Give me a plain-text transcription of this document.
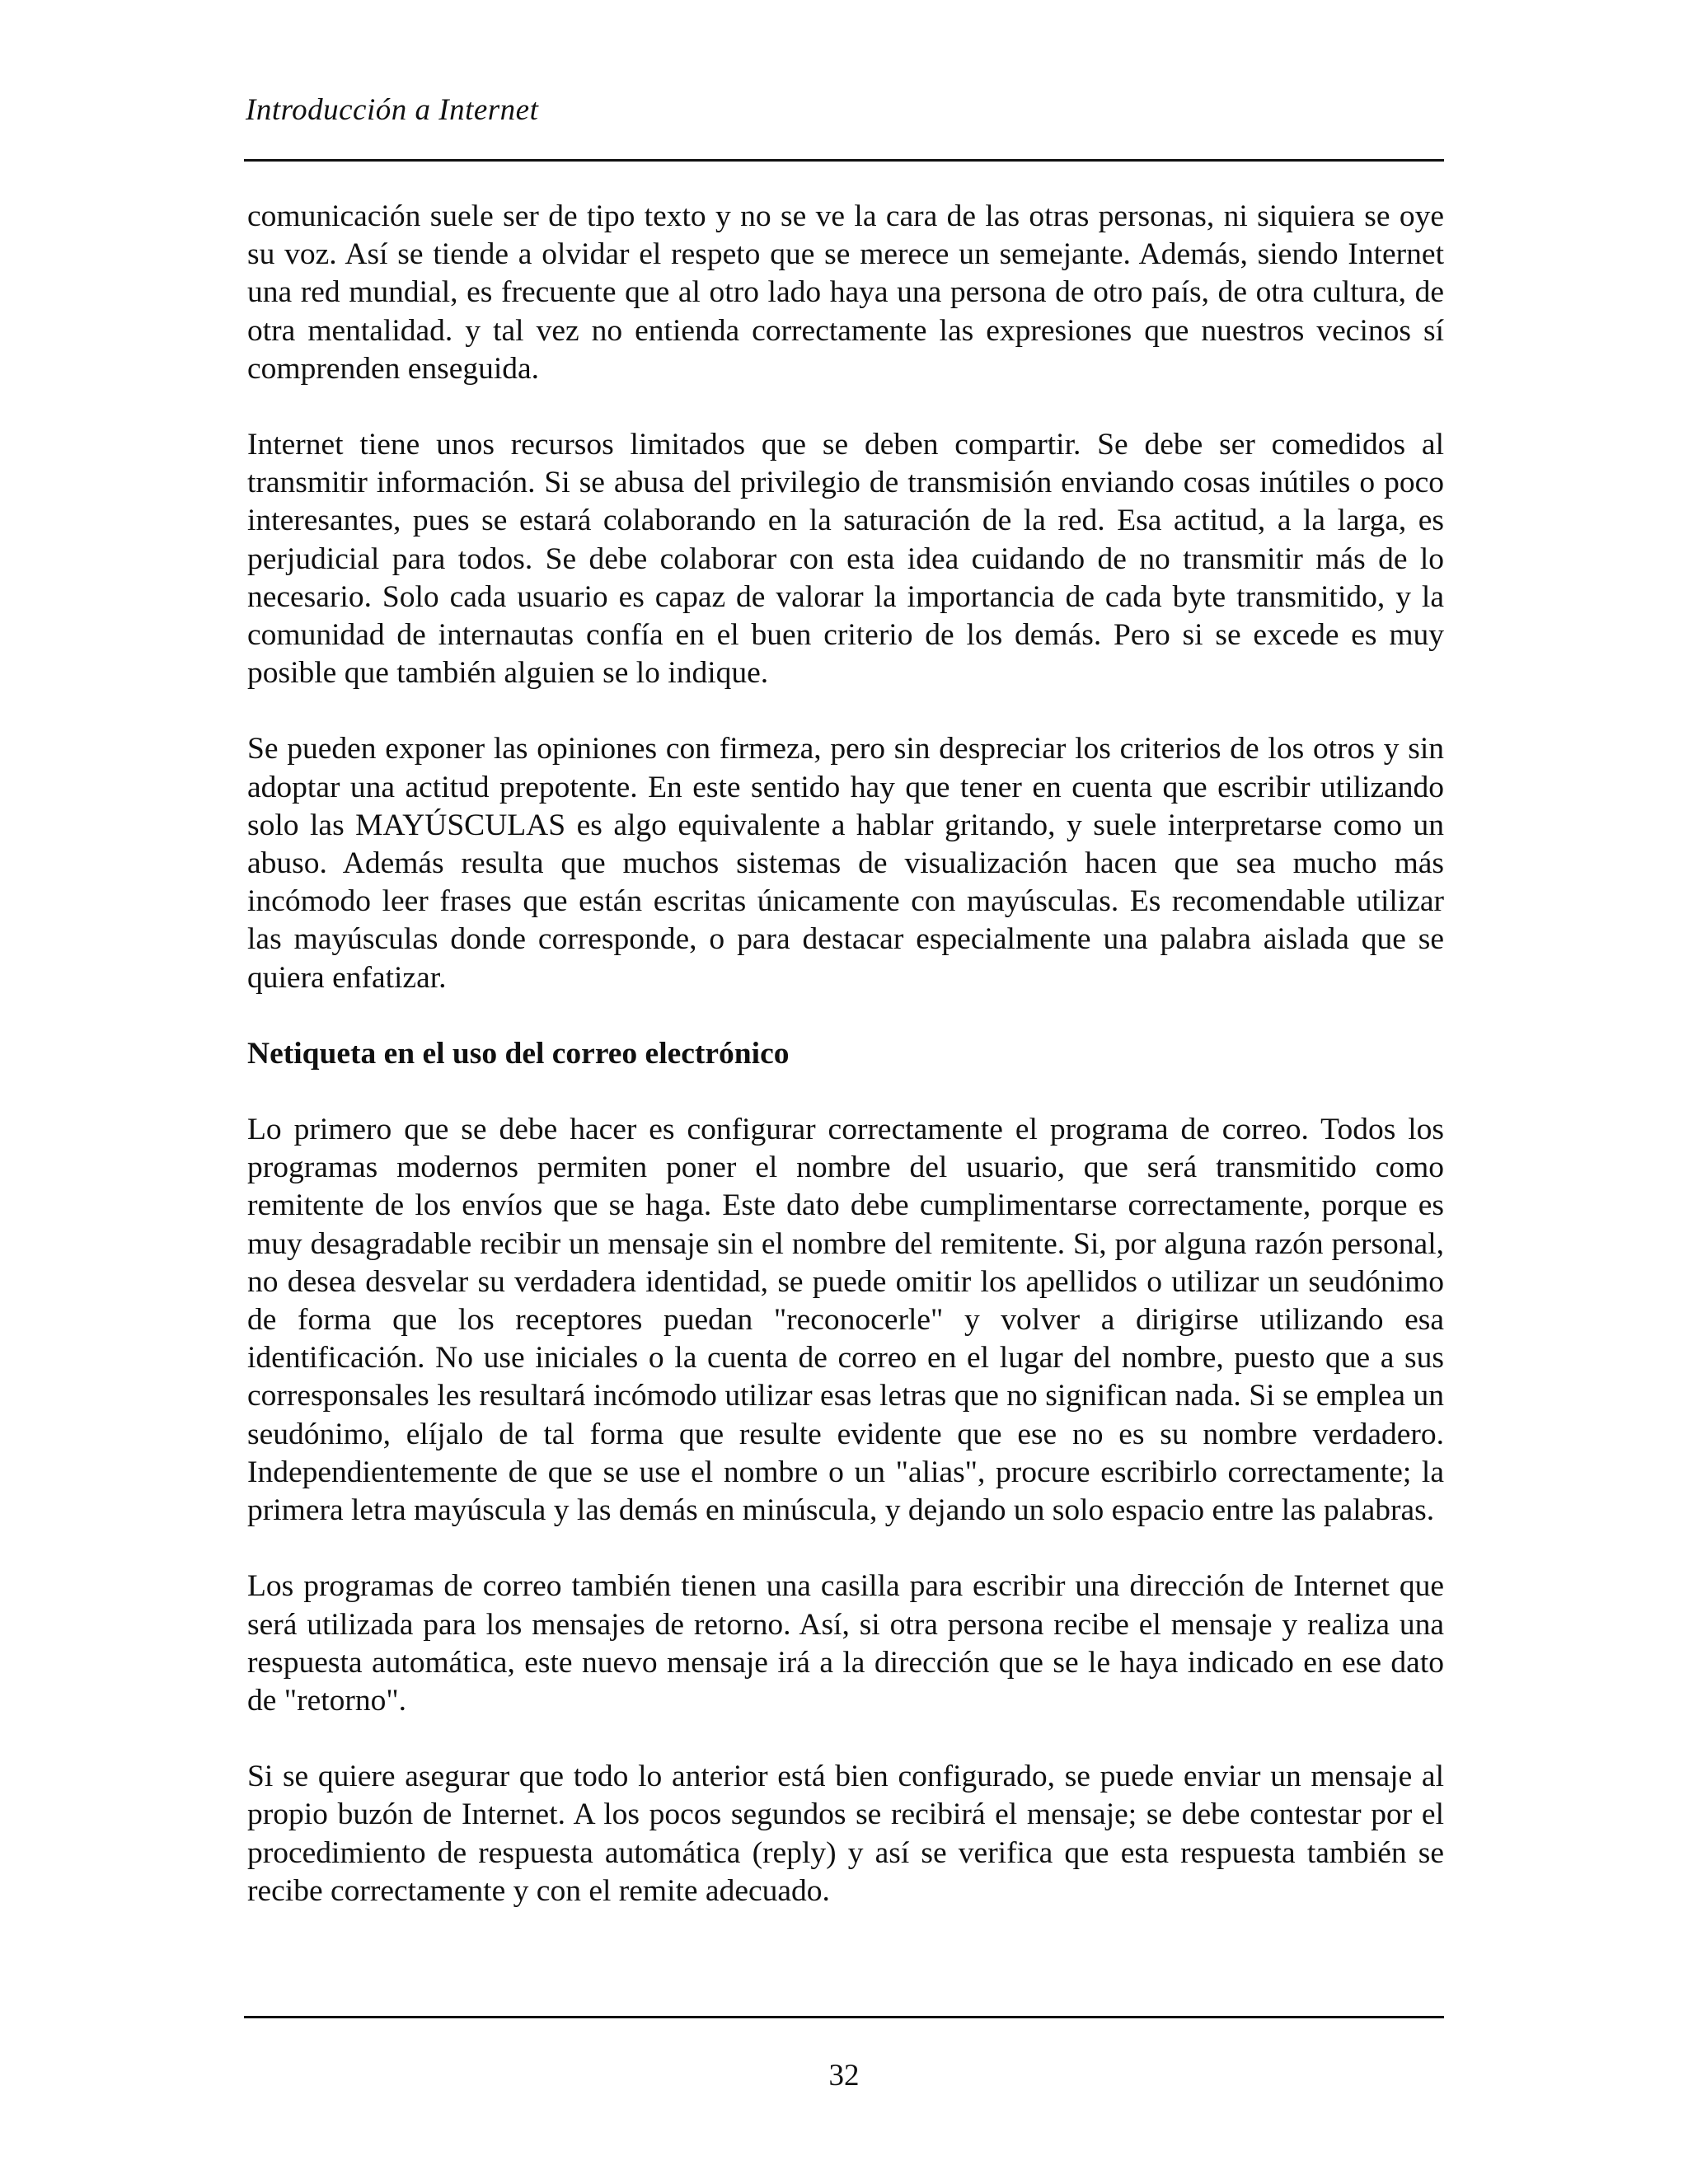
Introducción a Internet

comunicación suele ser de tipo texto y no se ve la cara de las otras personas, ni siquiera se oye su voz. Así se tiende a olvidar el respeto que se merece un semejante. Además, siendo Internet una red mundial, es frecuente que al otro lado haya una persona de otro país, de otra cultura, de otra mentalidad. y tal vez no entienda correctamente las expresiones que nuestros vecinos sí comprenden enseguida.

Internet tiene unos recursos limitados que se deben compartir. Se debe ser comedidos al transmitir información. Si se abusa del privilegio de transmisión enviando cosas inútiles o poco interesantes, pues se estará colaborando en la saturación de la red. Esa actitud, a la larga, es perjudicial para todos. Se debe colaborar con esta idea cuidando de no transmitir más de lo necesario. Solo cada usuario es capaz de valorar la importancia de cada byte transmitido, y la comunidad de internautas confía en el buen criterio de los demás. Pero si se excede es muy posible que también alguien se lo indique.

Se pueden exponer las opiniones con firmeza, pero sin despreciar los criterios de los otros y sin adoptar una actitud prepotente. En este sentido hay que tener en cuenta que escribir utilizando solo las MAYÚSCULAS es algo equivalente a hablar gritando, y suele interpretarse como un abuso. Además resulta que muchos sistemas de visualización hacen que sea mucho más incómodo leer frases que están escritas únicamente con mayúsculas. Es recomendable utilizar las mayúsculas donde corresponde, o para destacar especialmente una palabra aislada que se quiera enfatizar.

Netiqueta en el uso del correo electrónico

Lo primero que se debe hacer es configurar correctamente el programa de correo. Todos los programas modernos permiten poner el nombre del usuario, que será transmitido como remitente de los envíos que se haga. Este dato debe cumplimentarse correctamente, porque es muy desagradable recibir un mensaje sin el nombre del remitente. Si, por alguna razón personal, no desea desvelar su verdadera identidad, se puede omitir los apellidos o utilizar un seudónimo de forma que los receptores puedan "reconocerle" y volver a dirigirse utilizando esa identificación. No use iniciales o la cuenta de correo en el lugar del nombre, puesto que a sus corresponsales les resultará incómodo utilizar esas letras que no significan nada. Si se emplea un seudónimo, elíjalo de tal forma que resulte evidente que ese no es su nombre verdadero. Independientemente de que se use el nombre o un "alias", procure escribirlo correctamente; la primera letra mayúscula y las demás en minúscula, y dejando un solo espacio entre las palabras.

Los programas de correo también tienen una casilla para escribir una dirección de Internet que será utilizada para los mensajes de retorno. Así, si otra persona recibe el mensaje y realiza una respuesta automática, este nuevo mensaje irá a la dirección que se le haya indicado en ese dato de "retorno".

Si se quiere asegurar que todo lo anterior está bien configurado, se puede enviar un mensaje al propio buzón de Internet. A los pocos segundos se recibirá el mensaje; se debe contestar por el procedimiento de respuesta automática (reply) y así se verifica que esta respuesta también se recibe correctamente y con el remite adecuado.

32
